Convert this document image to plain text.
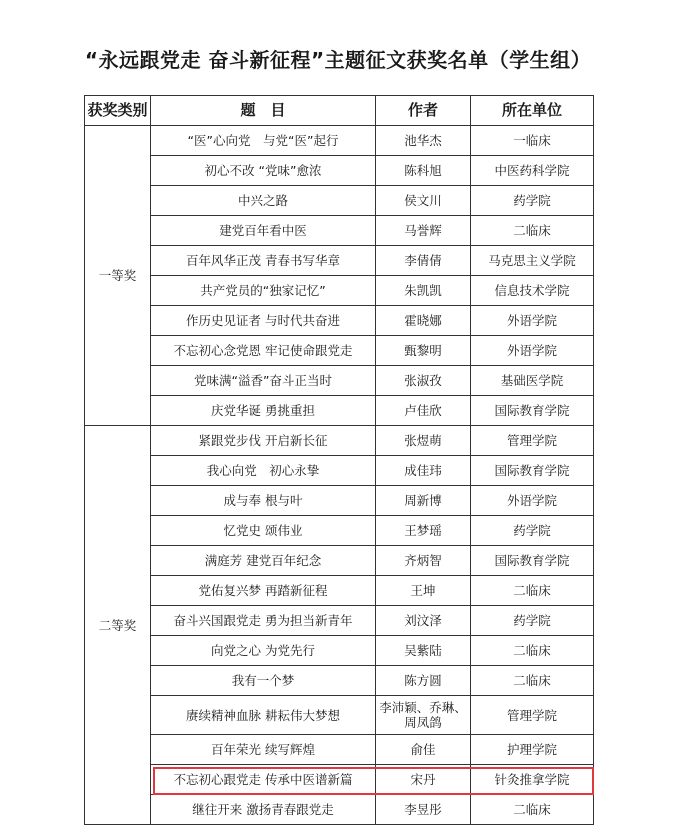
“永远跟党走 奋斗新征程”主题征文获奖名单（学生组）
获奖类别	题　目	作者	所在单位
一等奖	“医”心向党　与党“医”起行	池华杰	一临床
	初心不改 “党味”愈浓	陈科旭	中医药科学院
	中兴之路	侯文川	药学院
	建党百年看中医	马誉辉	二临床
	百年风华正茂 青春书写华章	李倩倩	马克思主义学院
	共产党员的“独家记忆”	朱凯凯	信息技术学院
	作历史见证者 与时代共奋进	霍晓娜	外语学院
	不忘初心念党恩 牢记使命跟党走	甄黎明	外语学院
	党味满“溢香”奋斗正当时	张淑孜	基础医学院
	庆党华诞 勇挑重担	卢佳欣	国际教育学院
二等奖	紧跟党步伐 开启新长征	张煜萌	管理学院
	我心向党　初心永挚	成佳玮	国际教育学院
	成与奉 根与叶	周新博	外语学院
	忆党史 颂伟业	王梦瑶	药学院
	满庭芳 建党百年纪念	齐炳智	国际教育学院
	党佑复兴梦 再踏新征程	王坤	二临床
	奋斗兴国跟党走 勇为担当新青年	刘汶泽	药学院
	向党之心 为党先行	吴紫陆	二临床
	我有一个梦	陈方圆	二临床
	赓续精神血脉 耕耘伟大梦想	李沛颖、乔琳、周凤鸽	管理学院
	百年荣光 续写辉煌	俞佳	护理学院
	不忘初心跟党走 传承中医谱新篇	宋丹	针灸推拿学院
	继往开来 激扬青春跟党走	李昱彤	二临床
